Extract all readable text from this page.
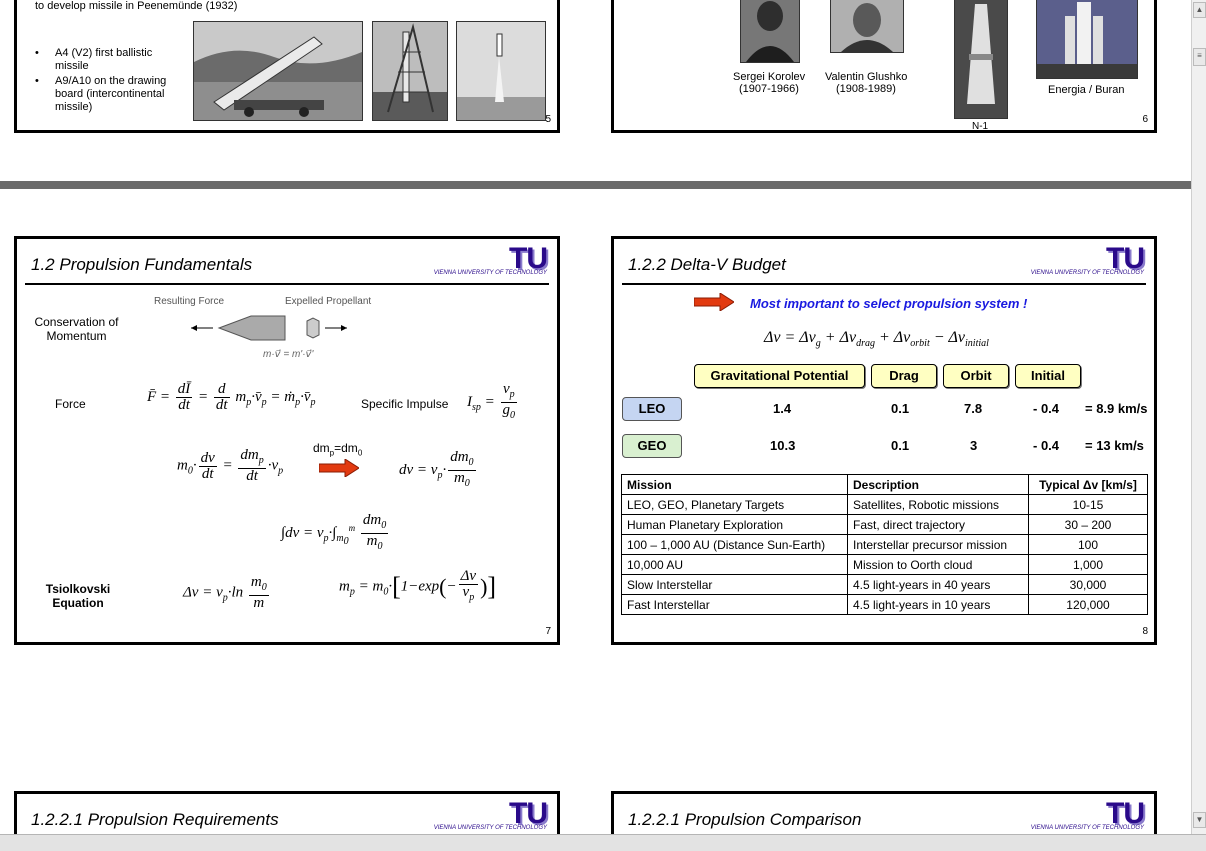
to develop missile in Peenemünde (1932)
• A4 (V2) first ballistic missile
• A9/A10 on the drawing board (intercontinental missile)
5
Sergei Korolev
(1907-1966)
Valentin Glushko
(1908-1989)
N-1
Energia / Buran
6
1.2 Propulsion Fundamentals	TU
VIENNA UNIVERSITY OF TECHNOLOGY
Conservation of Momentum
Resulting Force	Expelled Propellant
m·v⃗ = m'·v⃗'
Force	F̄ = $\frac{dĪ}{dt} = \frac{d}{dt}$ $m_p\cdot v̄_p$ = $ṁ_p\cdot v̄_p$	Specific Impulse $I_{sp} = \frac{v_p}{g_0}$
$m_0\cdot \frac{dv}{dt} = \frac{dm_p}{dt} \cdot v_p$
$dm_p=dm_0$
dv = $v_p\cdot \frac{dm_0}{m_0}$
$\int dv = v_p\cdot\int_{m_0}^m \frac{dm_0}{m_0}$
Tsiolkovski Equation
$\Delta v = v_p\cdot\ln \frac{m_0}{m}$	$m_p = m_0\cdot[1-\exp(- \frac{\Delta v}{v_p}$ )]
7
1.2.2 Delta-V Budget	TU
VIENNA UNIVERSITY OF TECHNOLOGY
Most important to select propulsion system !
$\Delta v = \Delta v_g + \Delta v_{drag} + \Delta v_{orbit} - \Delta v_{initial}$
Gravitational Potential	Drag	Orbit	Initial
LEO	1.4	0.1	7.8	- 0.4 = 8.9 km/s
GEO	10.3	0.1	3	- 0.4 = 13 km/s
Mission	Description	Typical Δv [km/s]
LEO, GEO, Planetary Targets	Satellites, Robotic missions	10-15
Human Planetary Exploration	Fast, direct trajectory	30 – 200
100 – 1,000 AU (Distance Sun-Earth)	Interstellar precursor mission	100
10,000 AU	Mission to Oorth cloud	1,000
Slow Interstellar	4.5 light-years in 40 years	30,000
Fast Interstellar	4.5 light-years in 10 years	120,000
8
1.2.2.1 Propulsion Requirements	TU
VIENNA UNIVERSITY OF TECHNOLOGY	1.2.2.1 Propulsion Comparison	TU
VIENNA UNIVERSITY OF TECHNOLOGY
▲
≡
▼
